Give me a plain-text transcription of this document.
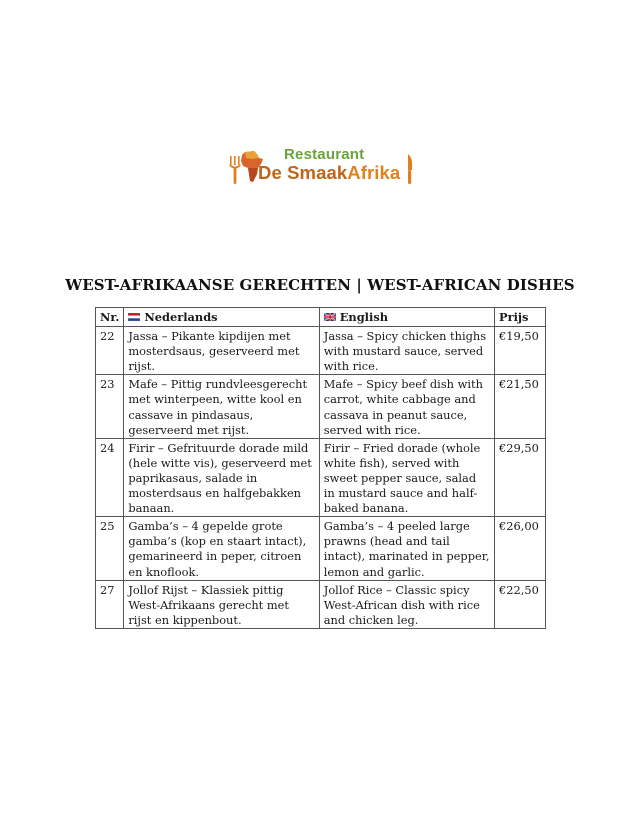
Restaurant
De SmaakAfrika
WEST-AFRIKAANSE GERECHTEN | WEST-AFRICAN DISHES
Nr.	Nederlands	English	Prijs
22	Jassa – Pikante kipdijen met mosterdsaus, geserveerd met rijst.	Jassa – Spicy chicken thighs with mustard sauce, served with rice.	€19,50
23	Mafe – Pittig rundvleesgerecht met winterpeen, witte kool en cassave in pindasaus, geserveerd met rijst.	Mafe – Spicy beef dish with carrot, white cabbage and cassava in peanut sauce, served with rice.	€21,50
24	Firir – Gefrituurde dorade mild (hele witte vis), geserveerd met paprikasaus, salade in mosterdsaus en halfgebakken banaan.	Firir – Fried dorade (whole white fish), served with sweet pepper sauce, salad in mustard sauce and half-baked banana.	€29,50
25	Gamba’s – 4 gepelde grote gamba’s (kop en staart intact), gemarineerd in peper, citroen en knoflook.	Gamba’s – 4 peeled large prawns (head and tail intact), marinated in pepper, lemon and garlic.	€26,00
27	Jollof Rijst – Klassiek pittig West-Afrikaans gerecht met rijst en kippenbout.	Jollof Rice – Classic spicy West-African dish with rice and chicken leg.	€22,50
